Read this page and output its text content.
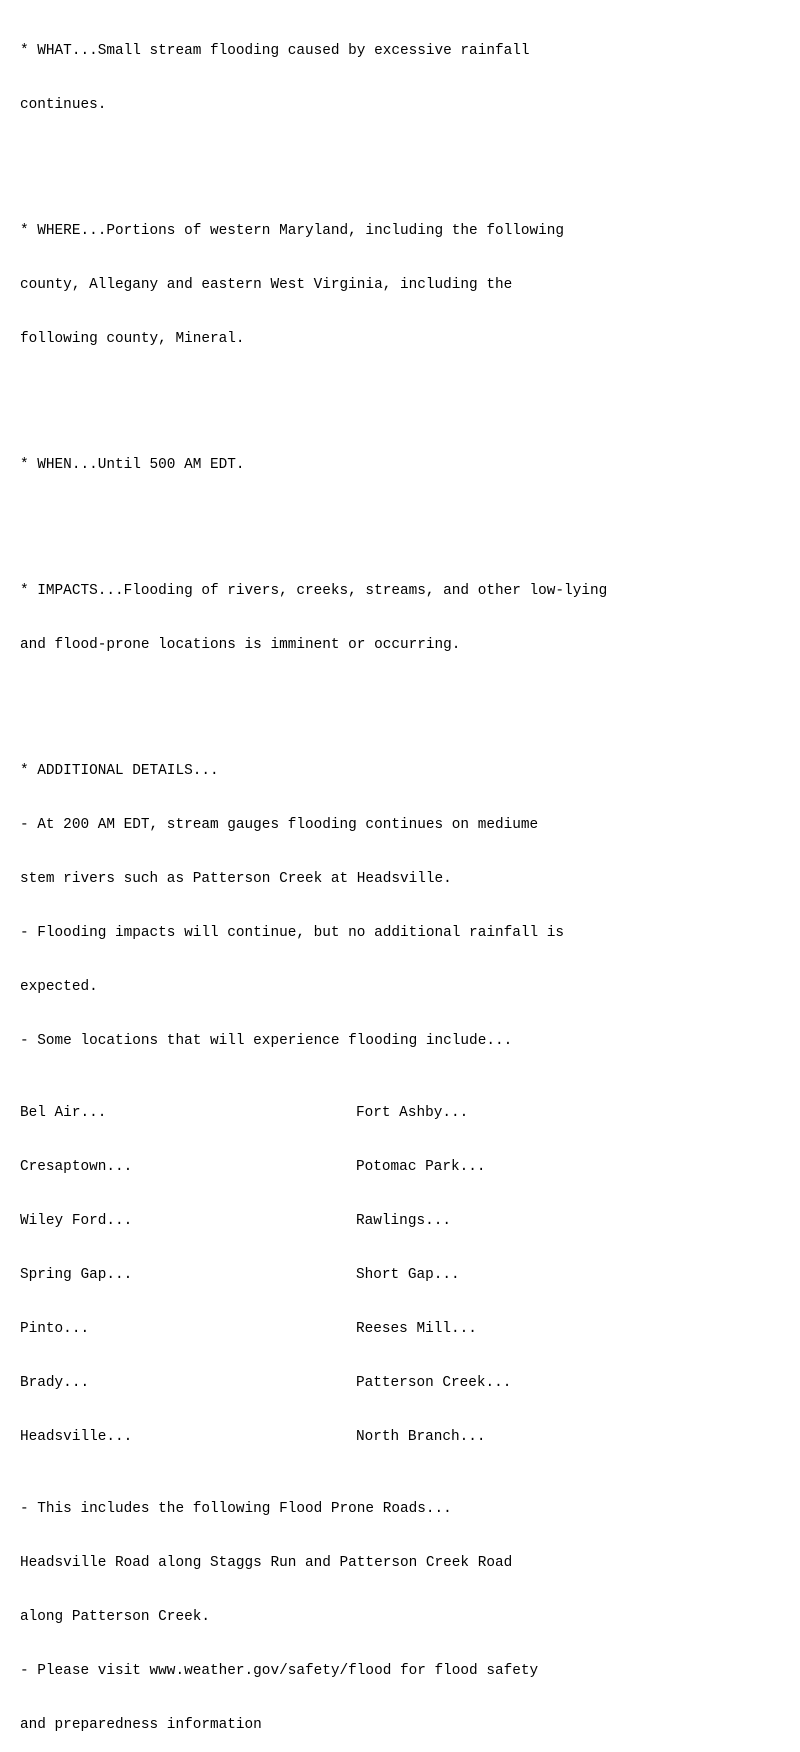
* WHAT...Small stream flooding caused by excessive rainfall

continues.

* WHERE...Portions of western Maryland, including the following

county, Allegany and eastern West Virginia, including the

following county, Mineral.

* WHEN...Until 500 AM EDT.

* IMPACTS...Flooding of rivers, creeks, streams, and other low-lying

and flood-prone locations is imminent or occurring.

* ADDITIONAL DETAILS...

- At 200 AM EDT, stream gauges flooding continues on mediume

stem rivers such as Patterson Creek at Headsville.

- Flooding impacts will continue, but no additional rainfall is

expected.

- Some locations that will experience flooding include...

Bel Air...	Fort Ashby...

Cresaptown...	Potomac Park...

Wiley Ford...	Rawlings...

Spring Gap...	Short Gap...

Pinto...	Reeses Mill...

Brady...	Patterson Creek...

Headsville...	North Branch...

- This includes the following Flood Prone Roads...

Headsville Road along Staggs Run and Patterson Creek Road

along Patterson Creek.

- Please visit www.weather.gov/safety/flood for flood safety

and preparedness information
